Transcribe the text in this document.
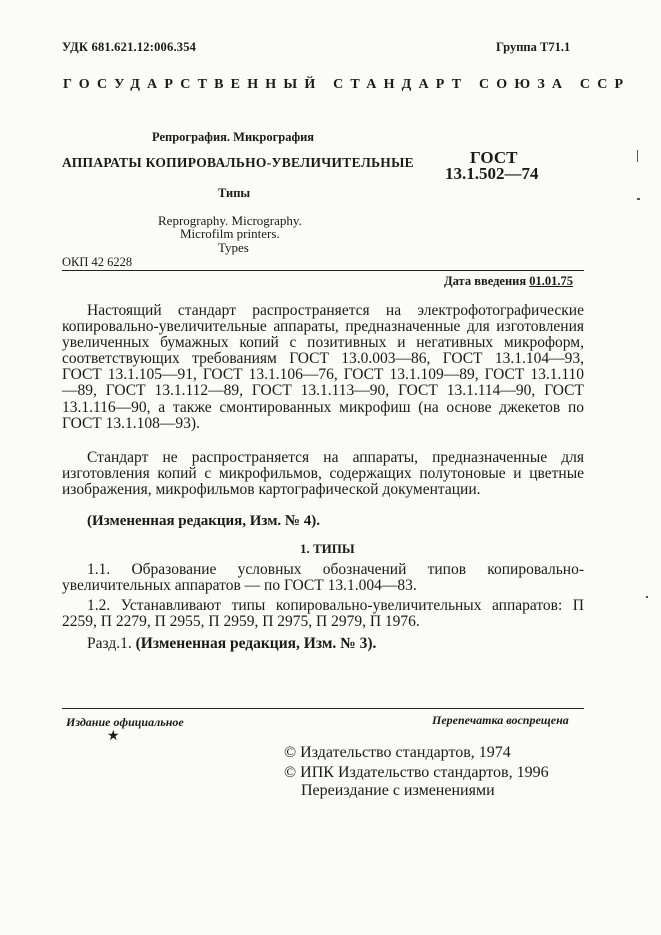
УДК 681.621.12:006.354	Группа Т71.1
ГОСУДАРСТВЕННЫЙ СТАНДАРТ СОЮЗА ССР
Репрография. Микрография
АППАРАТЫ КОПИРОВАЛЬНО-УВЕЛИЧИТЕЛЬНЫЕ	ГОСТ
13.1.502—74
Типы
Reprography. Micrography.
Microfilm printers.
Types
ОКП 42 6228
Дата введения 01.01.75
Настоящий стандарт распространяется на электрофотографические копировально-увеличительные аппараты, предназначенные для изготовления увеличенных бумажных копий с позитивных и негативных микроформ, соответствующих требованиям ГОСТ 13.0.003—86, ГОСТ 13.1.104—93, ГОСТ 13.1.105—91, ГОСТ 13.1.106—76, ГОСТ 13.1.109—89, ГОСТ 13.1.110—89, ГОСТ 13.1.112—89, ГОСТ 13.1.113—90, ГОСТ 13.1.114—90, ГОСТ 13.1.116—90, а также смонтированных микрофиш (на основе джекетов по ГОСТ 13.1.108—93).
Стандарт не распространяется на аппараты, предназначенные для изготовления копий с микрофильмов, содержащих полутоновые и цветные изображения, микрофильмов картографической документации.
(Измененная редакция, Изм. № 4).
1. ТИПЫ
1.1. Образование условных обозначений типов копировально-увеличительных аппаратов — по ГОСТ 13.1.004—83.
1.2. Устанавливают типы копировально-увеличительных аппаратов: П 2259, П 2279, П 2955, П 2959, П 2975, П 2979, П 1976.
Разд.1. (Измененная редакция, Изм. № 3).
Издание официальное
★
Перепечатка воспрещена
© Издательство стандартов, 1974
© ИПК Издательство стандартов, 1996
Переиздание с изменениями
